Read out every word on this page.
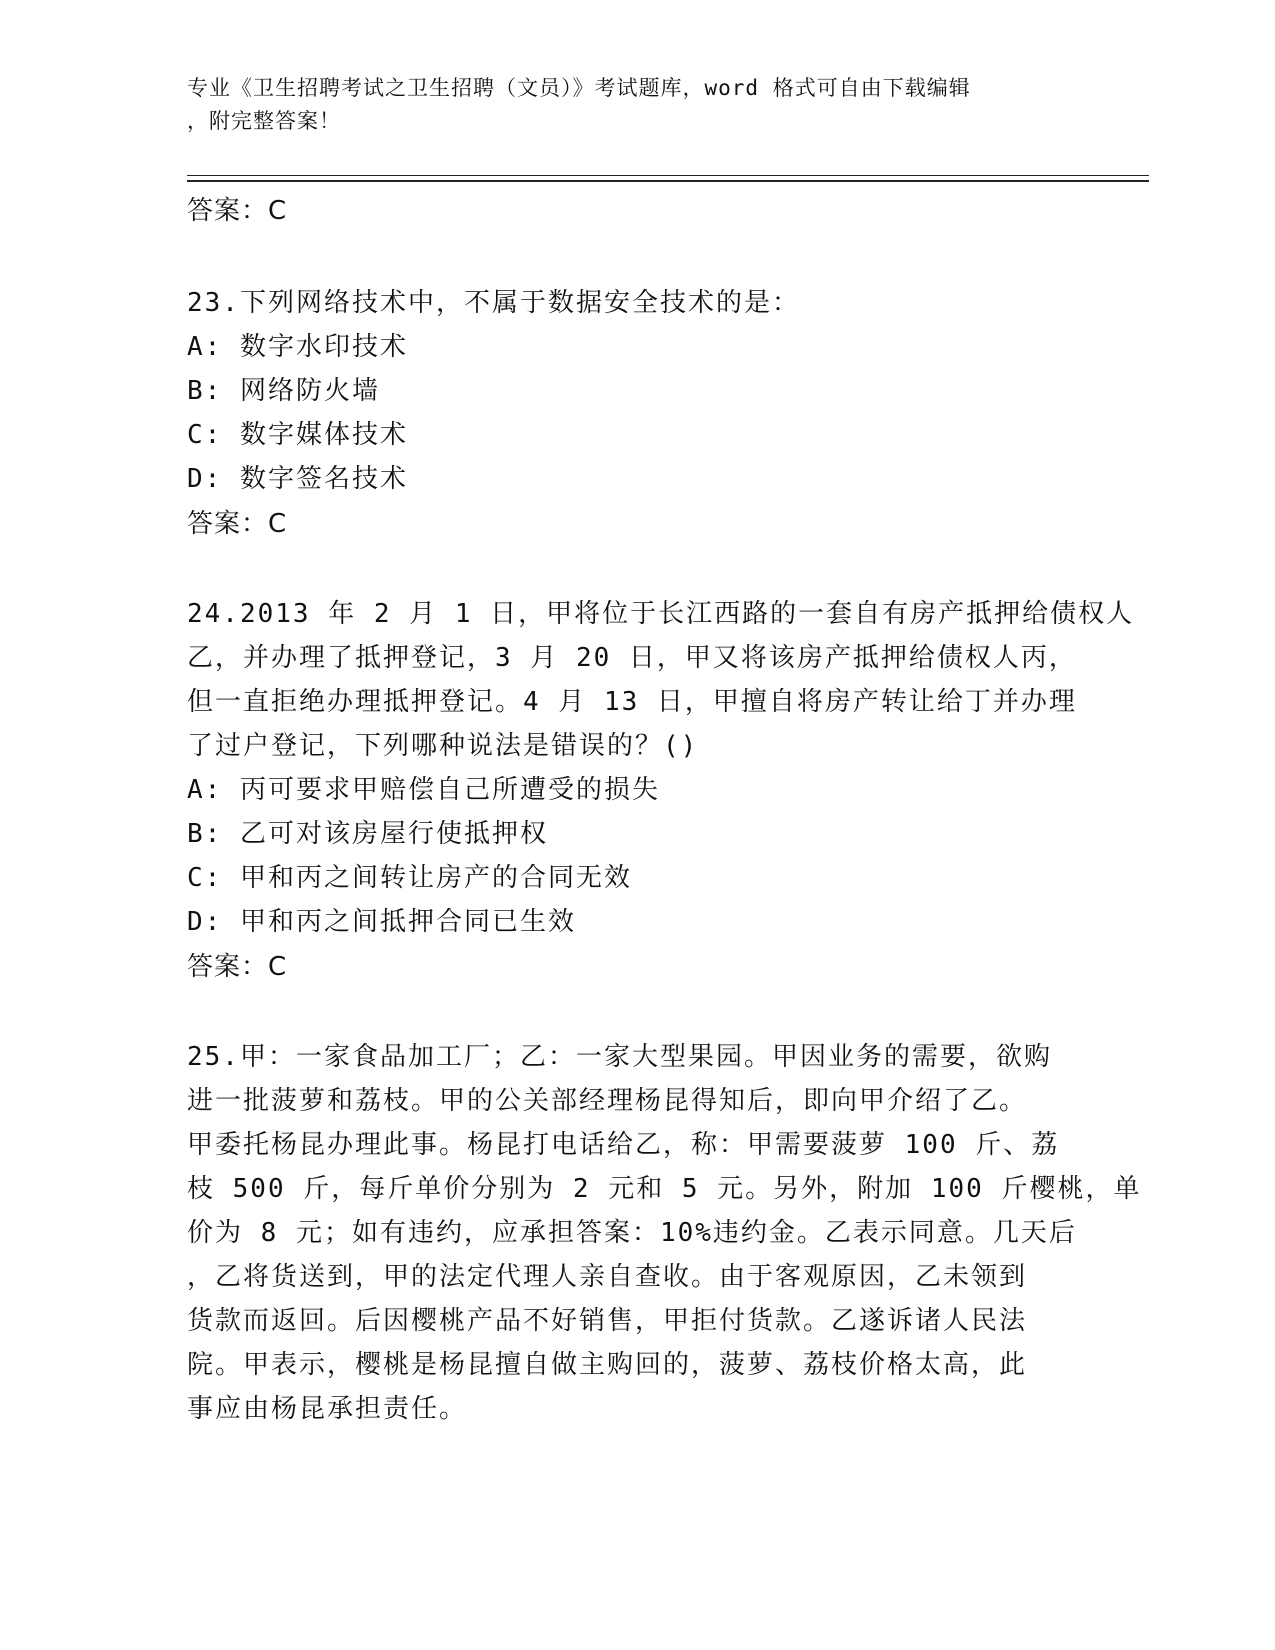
专业《卫生招聘考试之卫生招聘（文员）》考试题库，word 格式可自由下载编辑
，附完整答案！
答案：C
23.下列网络技术中，不属于数据安全技术的是：
A: 数字水印技术
B: 网络防火墙
C: 数字媒体技术
D: 数字签名技术
答案：C
24.2013 年 2 月 1 日，甲将位于长江西路的一套自有房产抵押给债权人
乙，并办理了抵押登记，3 月 20 日，甲又将该房产抵押给债权人丙，
但一直拒绝办理抵押登记。4 月 13 日，甲擅自将房产转让给丁并办理
了过户登记，下列哪种说法是错误的？()
A: 丙可要求甲赔偿自己所遭受的损失
B: 乙可对该房屋行使抵押权
C: 甲和丙之间转让房产的合同无效
D: 甲和丙之间抵押合同已生效
答案：C
25.甲：一家食品加工厂；乙：一家大型果园。甲因业务的需要，欲购
进一批菠萝和荔枝。甲的公关部经理杨昆得知后，即向甲介绍了乙。
甲委托杨昆办理此事。杨昆打电话给乙，称：甲需要菠萝 100 斤、荔
枝 500 斤，每斤单价分别为 2 元和 5 元。另外，附加 100 斤樱桃，单
价为 8 元；如有违约，应承担答案：10%违约金。乙表示同意。几天后
，乙将货送到，甲的法定代理人亲自查收。由于客观原因，乙未领到
货款而返回。后因樱桃产品不好销售，甲拒付货款。乙遂诉诸人民法
院。甲表示，樱桃是杨昆擅自做主购回的，菠萝、荔枝价格太高，此
事应由杨昆承担责任。
